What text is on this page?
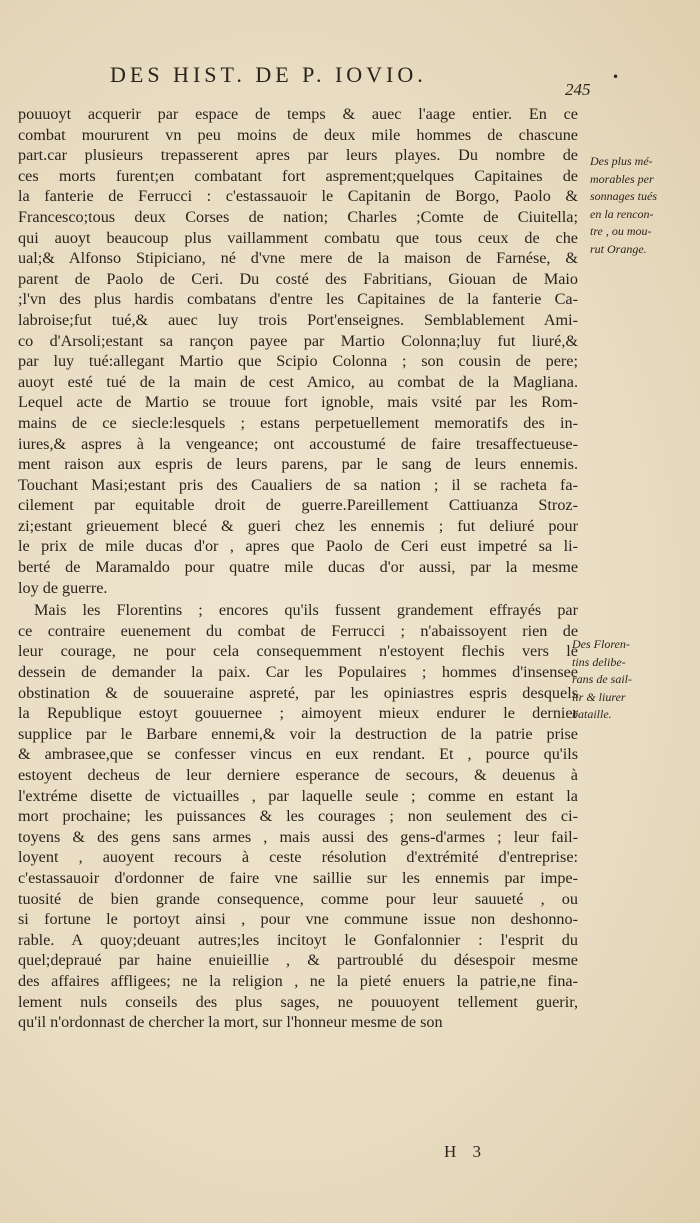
DES HIST. DE P. IOVIO.
245
•
pouuoyt acquerir par espace de temps & auec l'aage entier. En ce
combat moururent vn peu moins de deux mile hommes de chascune
part.car plusieurs trepasserent apres par leurs playes. Du nombre de
ces morts furent;en combatant fort asprement;quelques Capitaines de
la fanterie de Ferrucci : c'estassauoir le Capitanin de Borgo, Paolo &
Francesco;tous deux Corses de nation; Charles ;Comte de Ciuitella;
qui auoyt beaucoup plus vaillamment combatu que tous ceux de che
ual;& Alfonso Stipiciano, né d'vne mere de la maison de Farnése, &
parent de Paolo de Ceri. Du costé des Fabritians, Giouan de Maio
;l'vn des plus hardis combatans d'entre les Capitaines de la fanterie Ca-
labroise;fut tué,& auec luy trois Port'enseignes. Semblablement Ami-
co d'Arsoli;estant sa rançon payee par Martio Colonna;luy fut liuré,&
par luy tué:allegant Martio que Scipio Colonna ; son cousin de pere;
auoyt esté tué de la main de cest Amico, au combat de la Magliana.
Lequel acte de Martio se trouue fort ignoble, mais vsité par les Rom-
mains de ce siecle:lesquels ; estans perpetuellement memoratifs des in-
iures,& aspres à la vengeance; ont accoustumé de faire tresaffectueuse-
ment raison aux espris de leurs parens, par le sang de leurs ennemis.
Touchant Masi;estant pris des Caualiers de sa nation ; il se racheta fa-
cilement par equitable droit de guerre.Pareillement Cattiuanza Stroz-
zi;estant grieuement blecé & gueri chez les ennemis ; fut deliuré pour
le prix de mile ducas d'or , apres que Paolo de Ceri eust impetré sa li-
berté de Maramaldo pour quatre mile ducas d'or aussi, par la mesme
loy de guerre.
Mais les Florentins ; encores qu'ils fussent grandement effrayés par
ce contraire euenement du combat de Ferrucci ; n'abaissoyent rien de
leur courage, ne pour cela consequemment n'estoyent flechis vers le
dessein de demander la paix. Car les Populaires ; hommes d'insensee
obstination & de souueraine aspreté, par les opiniastres espris desquels
la Republique estoyt gouuernee ; aimoyent mieux endurer le dernier
supplice par le Barbare ennemi,& voir la destruction de la patrie prise
& ambrasee,que se confesser vincus en eux rendant. Et , pource qu'ils
estoyent decheus de leur derniere esperance de secours, & deuenus à
l'extréme disette de victuailles , par laquelle seule ; comme en estant la
mort prochaine; les puissances & les courages ; non seulement des ci-
toyens & des gens sans armes , mais aussi des gens-d'armes ; leur fail-
loyent , auoyent recours à ceste résolution d'extrémité d'entreprise:
c'estassauoir d'ordonner de faire vne saillie sur les ennemis par impe-
tuosité de bien grande consequence, comme pour leur sauueté , ou
si fortune le portoyt ainsi , pour vne commune issue non deshonno-
rable. A quoy;deuant autres;les incitoyt le Gonfalonnier : l'esprit du
quel;depraué par haine enuieillie , & partroublé du désespoir mesme
des affaires affligees; ne la religion , ne la pieté enuers la patrie,ne fina-
lement nuls conseils des plus sages, ne pouuoyent tellement guerir,
qu'il n'ordonnast de chercher la mort, sur l'honneur mesme de son
Des plus mé-
morables per
sonnages tués
en la rencon-
tre , ou mou-
rut Orange.
Des Floren-
tins delibe-
rans de sail-
lir & liurer
bataille.
H 3
